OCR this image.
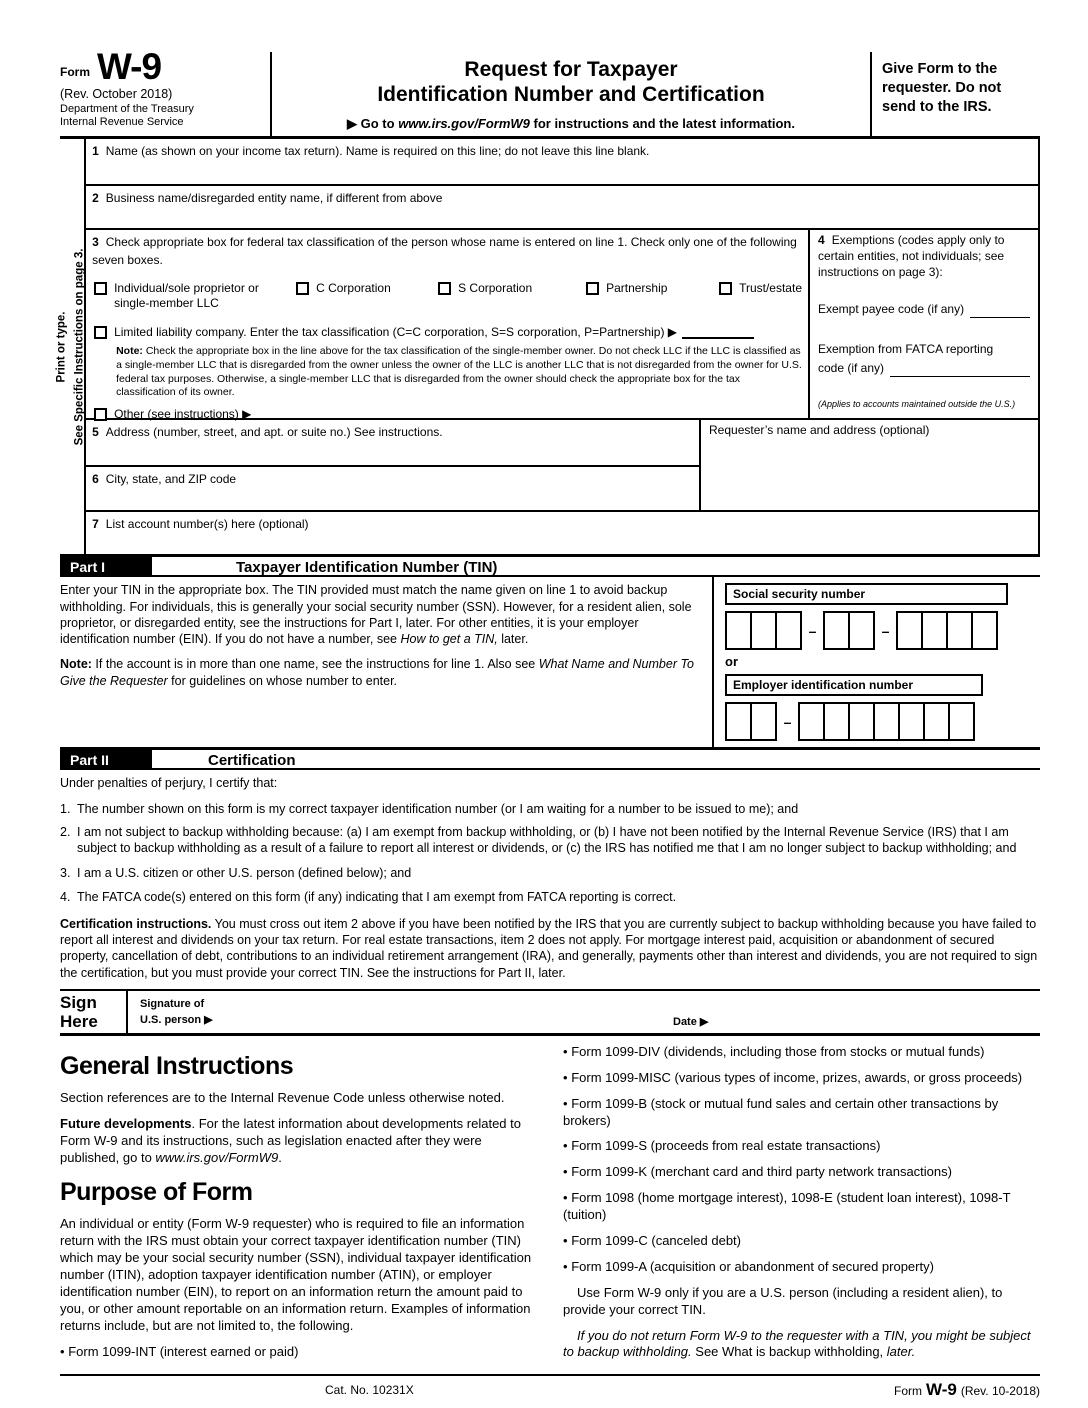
Form W-9
(Rev. October 2018)
Department of the Treasury
Internal Revenue Service
Request for Taxpayer
Identification Number and Certification
▶ Go to www.irs.gov/FormW9 for instructions and the latest information.
Give Form to the requester. Do not send to the IRS.
Print or type. See Specific Instructions on page 3.
1 Name (as shown on your income tax return). Name is required on this line; do not leave this line blank.
2 Business name/disregarded entity name, if different from above
3 Check appropriate box for federal tax classification of the person whose name is entered on line 1. Check only one of the following seven boxes.
Individual/sole proprietor or single-member LLC
C Corporation	S Corporation	Partnership	Trust/estate
Limited liability company. Enter the tax classification (C=C corporation, S=S corporation, P=Partnership) ▶
Note: Check the appropriate box in the line above for the tax classification of the single-member owner. Do not check LLC if the LLC is classified as a single-member LLC that is disregarded from the owner unless the owner of the LLC is another LLC that is not disregarded from the owner for U.S. federal tax purposes. Otherwise, a single-member LLC that is disregarded from the owner should check the appropriate box for the tax classification of its owner.
Other (see instructions) ▶
4 Exemptions (codes apply only to certain entities, not individuals; see instructions on page 3):
Exempt payee code (if any)
Exemption from FATCA reporting
code (if any)
(Applies to accounts maintained outside the U.S.)
5 Address (number, street, and apt. or suite no.) See instructions.
6 City, state, and ZIP code
Requester’s name and address (optional)
7 List account number(s) here (optional)
Part I	Taxpayer Identification Number (TIN)

Enter your TIN in the appropriate box. The TIN provided must match the name given on line 1 to avoid backup withholding. For individuals, this is generally your social security number (SSN). However, for a resident alien, sole proprietor, or disregarded entity, see the instructions for Part I, later. For other entities, it is your employer identification number (EIN). If you do not have a number, see How to get a TIN, later.

Note: If the account is in more than one name, see the instructions for line 1. Also see What Name and Number To Give the Requester for guidelines on whose number to enter.

Social security number
–	–
or
Employer identification number
–
Part II	Certification

Under penalties of perjury, I certify that:

1. The number shown on this form is my correct taxpayer identification number (or I am waiting for a number to be issued to me); and
2. I am not subject to backup withholding because: (a) I am exempt from backup withholding, or (b) I have not been notified by the Internal Revenue Service (IRS) that I am subject to backup withholding as a result of a failure to report all interest or dividends, or (c) the IRS has notified me that I am no longer subject to backup withholding; and
3. I am a U.S. citizen or other U.S. person (defined below); and
4. The FATCA code(s) entered on this form (if any) indicating that I am exempt from FATCA reporting is correct.

Certification instructions. You must cross out item 2 above if you have been notified by the IRS that you are currently subject to backup withholding because you have failed to report all interest and dividends on your tax return. For real estate transactions, item 2 does not apply. For mortgage interest paid, acquisition or abandonment of secured property, cancellation of debt, contributions to an individual retirement arrangement (IRA), and generally, payments other than interest and dividends, you are not required to sign the certification, but you must provide your correct TIN. See the instructions for Part II, later.

Sign
Here
Signature of
U.S. person ▶	Date ▶
General Instructions

Section references are to the Internal Revenue Code unless otherwise noted.

Future developments. For the latest information about developments related to Form W-9 and its instructions, such as legislation enacted after they were published, go to www.irs.gov/FormW9.

Purpose of Form

An individual or entity (Form W-9 requester) who is required to file an information return with the IRS must obtain your correct taxpayer identification number (TIN) which may be your social security number (SSN), individual taxpayer identification number (ITIN), adoption taxpayer identification number (ATIN), or employer identification number (EIN), to report on an information return the amount paid to you, or other amount reportable on an information return. Examples of information returns include, but are not limited to, the following.

• Form 1099-INT (interest earned or paid)

• Form 1099-DIV (dividends, including those from stocks or mutual funds)

• Form 1099-MISC (various types of income, prizes, awards, or gross proceeds)

• Form 1099-B (stock or mutual fund sales and certain other transactions by brokers)

• Form 1099-S (proceeds from real estate transactions)

• Form 1099-K (merchant card and third party network transactions)

• Form 1098 (home mortgage interest), 1098-E (student loan interest), 1098-T (tuition)

• Form 1099-C (canceled debt)

• Form 1099-A (acquisition or abandonment of secured property)

Use Form W-9 only if you are a U.S. person (including a resident alien), to provide your correct TIN.

If you do not return Form W-9 to the requester with a TIN, you might be subject to backup withholding. See What is backup withholding, later.

Cat. No. 10231X	Form W-9 (Rev. 10-2018)
